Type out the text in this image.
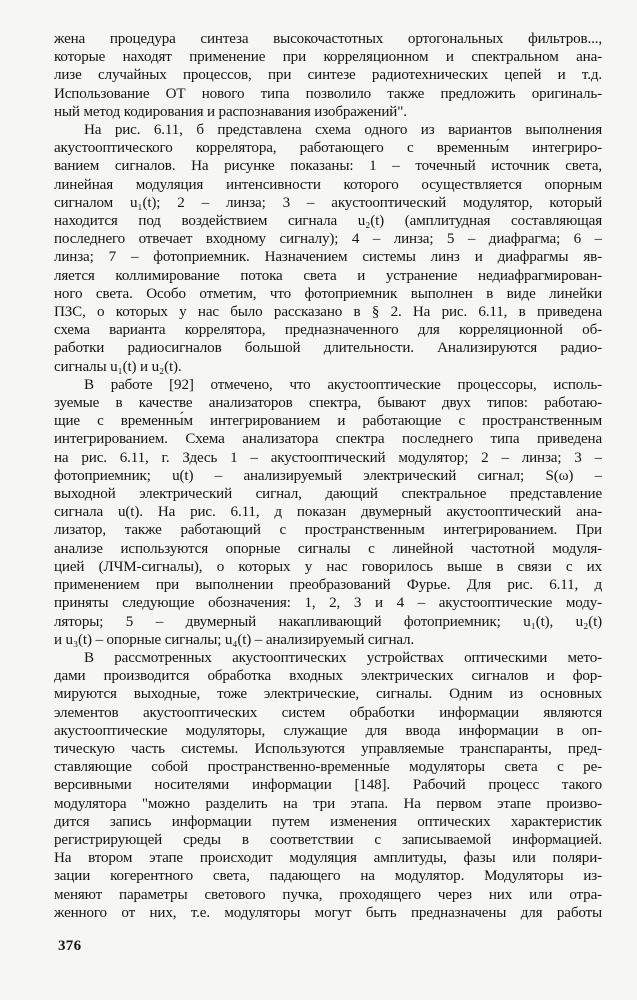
жена процедура синтеза высокочастотных ортогональных фильтров...,
которые находят применение при корреляционном и спектральном ана-
лизе случайных процессов, при синтезе радиотехнических цепей и т.д.
Использование ОТ нового типа позволило также предложить оригиналь-
ный метод кодирования и распознавания изображений".
На рис. 6.11, б представлена схема одного из вариантов выполнения
акустооптического коррелятора, работающего с временны́м интегриро-
ванием сигналов. На рисунке показаны: 1 – точечный источник света,
линейная модуляция интенсивности которого осуществляется опорным
сигналом u₁(t); 2 – линза; 3 – акустооптический модулятор, который
находится под воздействием сигнала u₂(t) (амплитудная составляющая
последнего отвечает входному сигналу); 4 – линза; 5 – диафрагма; 6 –
линза; 7 – фотоприемник. Назначением системы линз и диафрагмы яв-
ляется коллимирование потока света и устранение недиафрагмирован-
ного света. Особо отметим, что фотоприемник выполнен в виде линейки
ПЗС, о которых у нас было рассказано в § 2. На рис. 6.11, в приведена
схема варианта коррелятора, предназначенного для корреляционной об-
работки радиосигналов большой длительности. Анализируются радио-
сигналы u₁(t) и u₂(t).
В работе [92] отмечено, что акустооптические процессоры, исполь-
зуемые в качестве анализаторов спектра, бывают двух типов: работаю-
щие с временны́м интегрированием и работающие с пространственным
интегрированием. Схема анализатора спектра последнего типа приведена
на рис. 6.11, г. Здесь 1 – акустооптический модулятор; 2 – линза; 3 –
фотоприемник; u(t) – анализируемый электрический сигнал; S(ω) –
выходной электрический сигнал, дающий спектральное представление
сигнала u(t). На рис. 6.11, д показан двумерный акустооптический ана-
лизатор, также работающий с пространственным интегрированием. При
анализе используются опорные сигналы с линейной частотной модуля-
цией (ЛЧМ-сигналы), о которых у нас говорилось выше в связи с их
применением при выполнении преобразований Фурье. Для рис. 6.11, д
приняты следующие обозначения: 1, 2, 3 и 4 – акустооптические моду-
ляторы; 5 – двумерный накапливающий фотоприемник; u₁(t), u₂(t)
и u₃(t) – опорные сигналы; u₄(t) – анализируемый сигнал.
В рассмотренных акустооптических устройствах оптическими мето-
дами производится обработка входных электрических сигналов и фор-
мируются выходные, тоже электрические, сигналы. Одним из основных
элементов акустооптических систем обработки информации являются
акустооптические модуляторы, служащие для ввода информации в оп-
тическую часть системы. Используются управляемые транспаранты, пред-
ставляющие собой пространственно-временны́е модуляторы света с ре-
версивными носителями информации [148]. Рабочий процесс такого
модулятора "можно разделить на три этапа. На первом этапе произво-
дится запись информации путем изменения оптических характеристик
регистрирующей среды в соответствии с записываемой информацией.
На втором этапе происходит модуляция амплитуды, фазы или поляри-
зации когерентного света, падающего на модулятор. Модуляторы из-
меняют параметры светового пучка, проходящего через них или отра-
женного от них, т.е. модуляторы могут быть предназначены для работы
376
